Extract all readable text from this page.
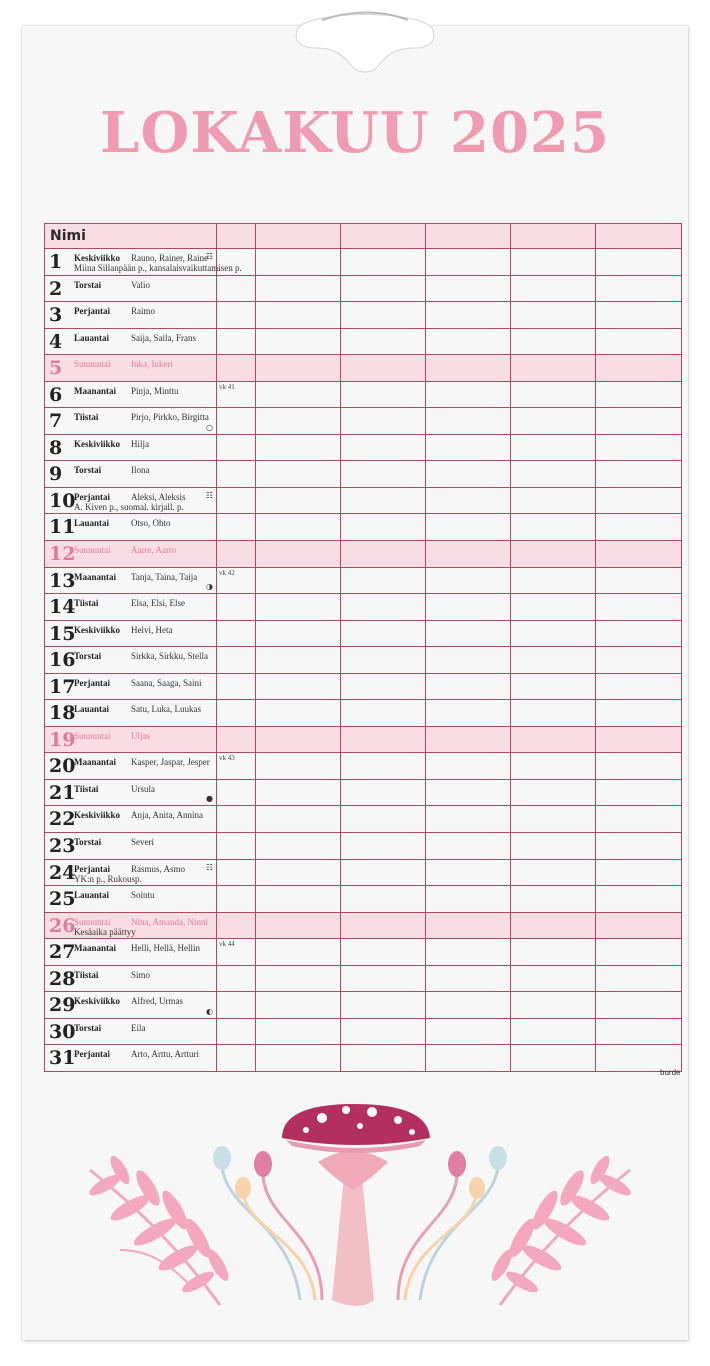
LOKAKUU 2025
Nimi						

1 Keskiviikko Rauno, Rainer, Raine
Miina Sillanpään p., kansalaisvaikuttamisen p.
☷						

2 Torstai Valio						

3 Perjantai Raimo						

4 Lauantai Saija, Saila, Frans						

5 Sunnuntai Inka, Inkeri						

6 Maanantai Pinja, Minttu	vk 41					

7 Tiistai Pirjo, Pirkko, Birgitta
○						

8 Keskiviikko Hilja						

9 Torstai Ilona						

10
Perjantai Aleksi, Aleksis
A. Kiven p., suomal. kirjall. p.
☷						

11
Lauantai Otso, Ohto						

12
Sunnuntai Aarre, Aarto						

13
Maanantai Tanja, Taina, Taija
◑	vk 42					

14
Tiistai Elsa, Elsi, Else						

15
Keskiviikko Helvi, Heta						

16
Torstai Sirkka, Sirkku, Stella						

17
Perjantai Saana, Saaga, Saini						

18
Lauantai Satu, Luka, Luukas						

19
Sunnuntai Uljas						

20
Maanantai Kasper, Jaspar, Jesper	vk 43					

21
Tiistai Ursula
●						

22
Keskiviikko Anja, Anita, Annina						

23
Torstai Severi						

24
Perjantai Rasmus, Asmo
YK:n p., Rukousp.
☷						

25
Lauantai Sointu						

26
Sunnuntai Nina, Amanda, Ninni
Kesäaika päättyy						

27
Maanantai Helli, Hellä, Hellin	vk 44					

28
Tiistai Simo						

29
Keskiviikko Alfred, Urmas
◐						

30
Torstai Eila						

31
Perjantai Arto, Arttu, Artturi						

burde
